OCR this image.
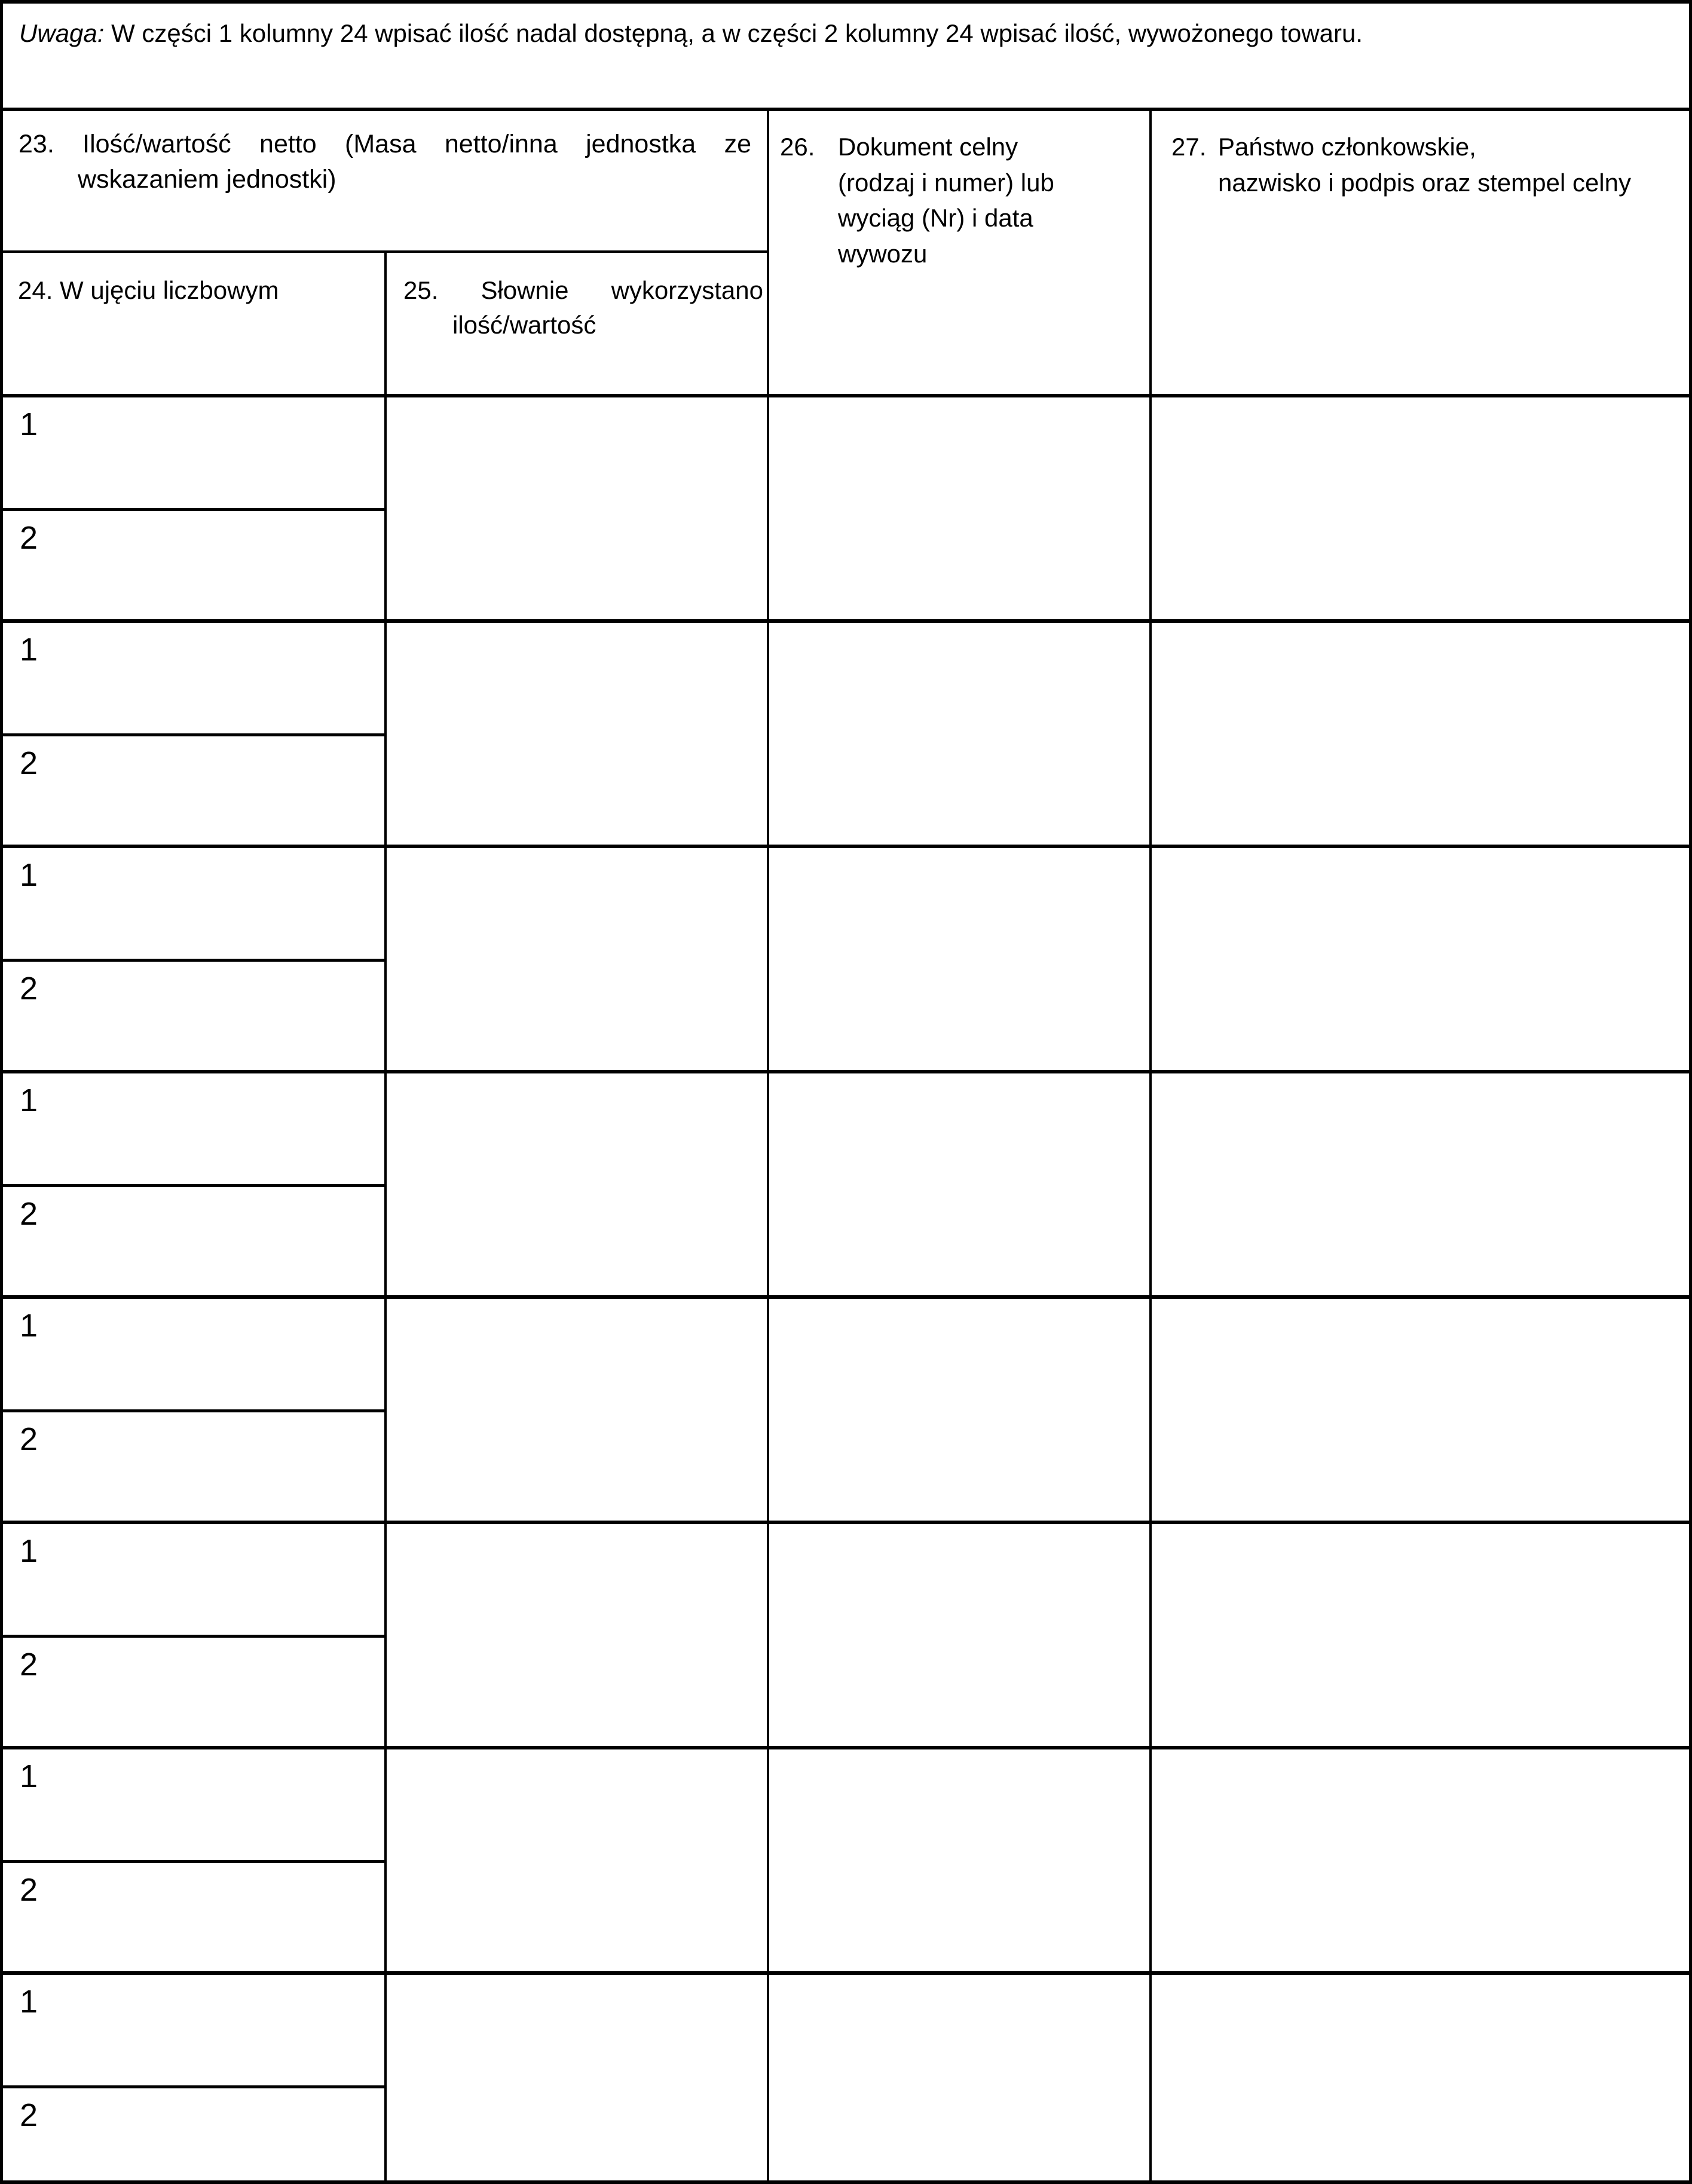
Uwaga: W części 1 kolumny 24 wpisać ilość nadal dostępną, a w części 2 kolumny 24 wpisać ilość, wywożonego towaru.
23. Ilość/wartość netto (Masa netto/inna jednostka ze
wskazaniem jednostki)
24. W ujęciu liczbowym	25. Słownie wykorzystano
ilość/wartość
26. Dokument celny
(rodzaj i numer) lub
wyciąg (Nr) i data
wywozu
27. Państwo członkowskie,
nazwisko i podpis oraz stempel celny
1
2
1
2
1
2
1
2
1
2
1
2
1
2
1
2
